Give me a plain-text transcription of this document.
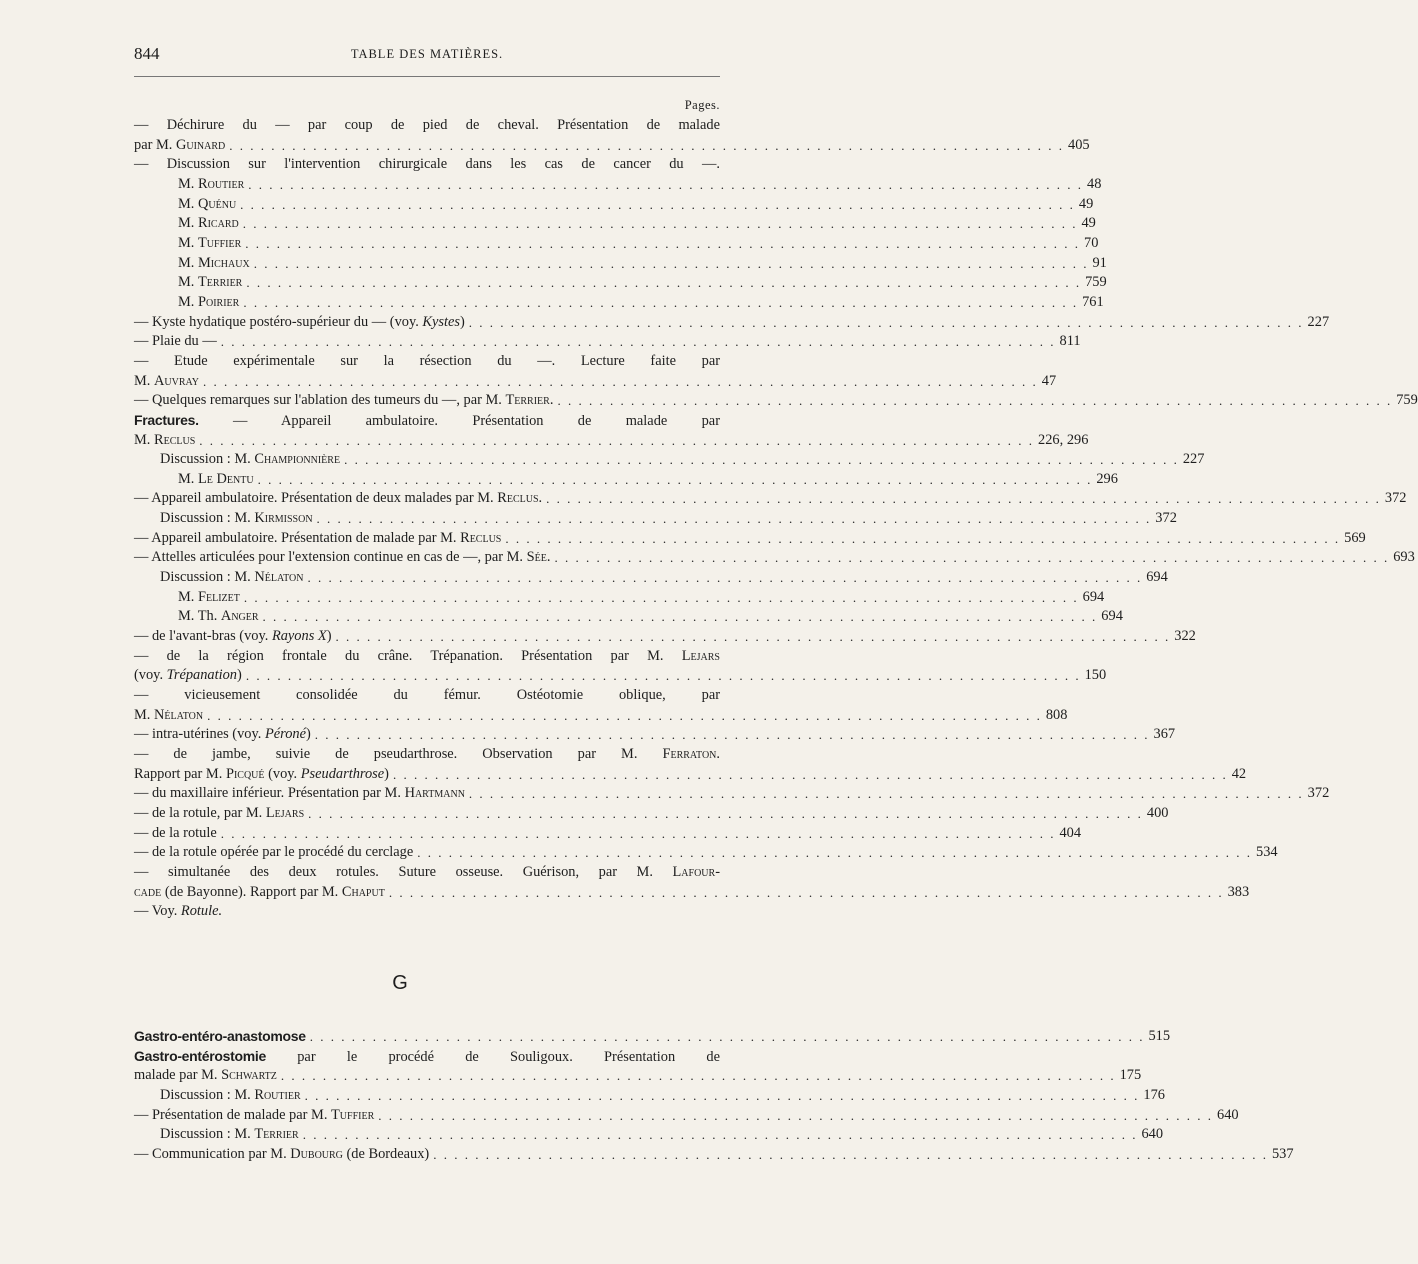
844	TABLE DES MATIÈRES.
Pages.
— Déchirure du — par coup de pied de cheval. Présentation de malade
par M. Guinard . . . . . . . . . . . . . . . . . . . . . . . . . . . . . . . . . . . . . . . . . . . . . . . . . . . . . . . . . . . . . . . . . . . . . . . . . . . . . . . . 405
— Discussion sur l'intervention chirurgicale dans les cas de cancer du —.
M. Routier . . . . . . . . . . . . . . . . . . . . . . . . . . . . . . . . . . . . . . . . . . . . . . . . . . . . . . . . . . . . . . . . . . . . . . . . . . . . . . . . 48
M. Quénu . . . . . . . . . . . . . . . . . . . . . . . . . . . . . . . . . . . . . . . . . . . . . . . . . . . . . . . . . . . . . . . . . . . . . . . . . . . . . . . . 49
M. Ricard . . . . . . . . . . . . . . . . . . . . . . . . . . . . . . . . . . . . . . . . . . . . . . . . . . . . . . . . . . . . . . . . . . . . . . . . . . . . . . . . 49
M. Tuffier . . . . . . . . . . . . . . . . . . . . . . . . . . . . . . . . . . . . . . . . . . . . . . . . . . . . . . . . . . . . . . . . . . . . . . . . . . . . . . . . 70
M. Michaux . . . . . . . . . . . . . . . . . . . . . . . . . . . . . . . . . . . . . . . . . . . . . . . . . . . . . . . . . . . . . . . . . . . . . . . . . . . . . . . . 91
M. Terrier . . . . . . . . . . . . . . . . . . . . . . . . . . . . . . . . . . . . . . . . . . . . . . . . . . . . . . . . . . . . . . . . . . . . . . . . . . . . . . . . 759
M. Poirier . . . . . . . . . . . . . . . . . . . . . . . . . . . . . . . . . . . . . . . . . . . . . . . . . . . . . . . . . . . . . . . . . . . . . . . . . . . . . . . . 761
— Kyste hydatique postéro-supérieur du — (voy. Kystes) . . . . . . . . . . . . . . . . . . . . . . . . . . . . . . . . . . . . . . . . . . . . . . . . . . . . . . . . . . . . . . . . . . . . . . . . . . . . . . . . 227
— Plaie du — . . . . . . . . . . . . . . . . . . . . . . . . . . . . . . . . . . . . . . . . . . . . . . . . . . . . . . . . . . . . . . . . . . . . . . . . . . . . . . . . 811
— Etude expérimentale sur la résection du —. Lecture faite par
M. Auvray . . . . . . . . . . . . . . . . . . . . . . . . . . . . . . . . . . . . . . . . . . . . . . . . . . . . . . . . . . . . . . . . . . . . . . . . . . . . . . . . 47
— Quelques remarques sur l'ablation des tumeurs du —, par M. Terrier. . . . . . . . . . . . . . . . . . . . . . . . . . . . . . . . . . . . . . . . . . . . . . . . . . . . . . . . . . . . . . . . . . . . . . . . . . . . . . . . . 759
Fractures. — Appareil ambulatoire. Présentation de malade par
M. Reclus . . . . . . . . . . . . . . . . . . . . . . . . . . . . . . . . . . . . . . . . . . . . . . . . . . . . . . . . . . . . . . . . . . . . . . . . . . . . . . . . 226, 296
Discussion : M. Championnière . . . . . . . . . . . . . . . . . . . . . . . . . . . . . . . . . . . . . . . . . . . . . . . . . . . . . . . . . . . . . . . . . . . . . . . . . . . . . . . . 227
M. Le Dentu . . . . . . . . . . . . . . . . . . . . . . . . . . . . . . . . . . . . . . . . . . . . . . . . . . . . . . . . . . . . . . . . . . . . . . . . . . . . . . . . 296
— Appareil ambulatoire. Présentation de deux malades par M. Reclus. . . . . . . . . . . . . . . . . . . . . . . . . . . . . . . . . . . . . . . . . . . . . . . . . . . . . . . . . . . . . . . . . . . . . . . . . . . . . . . . . 372
Discussion : M. Kirmisson . . . . . . . . . . . . . . . . . . . . . . . . . . . . . . . . . . . . . . . . . . . . . . . . . . . . . . . . . . . . . . . . . . . . . . . . . . . . . . . . 372
— Appareil ambulatoire. Présentation de malade par M. Reclus . . . . . . . . . . . . . . . . . . . . . . . . . . . . . . . . . . . . . . . . . . . . . . . . . . . . . . . . . . . . . . . . . . . . . . . . . . . . . . . . 569
— Attelles articulées pour l'extension continue en cas de —, par M. Sée. . . . . . . . . . . . . . . . . . . . . . . . . . . . . . . . . . . . . . . . . . . . . . . . . . . . . . . . . . . . . . . . . . . . . . . . . . . . . . . . . 693
Discussion : M. Nélaton . . . . . . . . . . . . . . . . . . . . . . . . . . . . . . . . . . . . . . . . . . . . . . . . . . . . . . . . . . . . . . . . . . . . . . . . . . . . . . . . 694
M. Felizet . . . . . . . . . . . . . . . . . . . . . . . . . . . . . . . . . . . . . . . . . . . . . . . . . . . . . . . . . . . . . . . . . . . . . . . . . . . . . . . . 694
M. Th. Anger . . . . . . . . . . . . . . . . . . . . . . . . . . . . . . . . . . . . . . . . . . . . . . . . . . . . . . . . . . . . . . . . . . . . . . . . . . . . . . . . 694
— de l'avant-bras (voy. Rayons X) . . . . . . . . . . . . . . . . . . . . . . . . . . . . . . . . . . . . . . . . . . . . . . . . . . . . . . . . . . . . . . . . . . . . . . . . . . . . . . . . 322
— de la région frontale du crâne. Trépanation. Présentation par M. Lejars
(voy. Trépanation) . . . . . . . . . . . . . . . . . . . . . . . . . . . . . . . . . . . . . . . . . . . . . . . . . . . . . . . . . . . . . . . . . . . . . . . . . . . . . . . . 150
— vicieusement consolidée du fémur. Ostéotomie oblique, par
M. Nélaton . . . . . . . . . . . . . . . . . . . . . . . . . . . . . . . . . . . . . . . . . . . . . . . . . . . . . . . . . . . . . . . . . . . . . . . . . . . . . . . . 808
— intra-utérines (voy. Péroné) . . . . . . . . . . . . . . . . . . . . . . . . . . . . . . . . . . . . . . . . . . . . . . . . . . . . . . . . . . . . . . . . . . . . . . . . . . . . . . . . 367
— de jambe, suivie de pseudarthrose. Observation par M. Ferraton.
Rapport par M. Picqué (voy. Pseudarthrose) . . . . . . . . . . . . . . . . . . . . . . . . . . . . . . . . . . . . . . . . . . . . . . . . . . . . . . . . . . . . . . . . . . . . . . . . . . . . . . . . 42
— du maxillaire inférieur. Présentation par M. Hartmann . . . . . . . . . . . . . . . . . . . . . . . . . . . . . . . . . . . . . . . . . . . . . . . . . . . . . . . . . . . . . . . . . . . . . . . . . . . . . . . . 372
— de la rotule, par M. Lejars . . . . . . . . . . . . . . . . . . . . . . . . . . . . . . . . . . . . . . . . . . . . . . . . . . . . . . . . . . . . . . . . . . . . . . . . . . . . . . . . 400
— de la rotule . . . . . . . . . . . . . . . . . . . . . . . . . . . . . . . . . . . . . . . . . . . . . . . . . . . . . . . . . . . . . . . . . . . . . . . . . . . . . . . . 404
— de la rotule opérée par le procédé du cerclage . . . . . . . . . . . . . . . . . . . . . . . . . . . . . . . . . . . . . . . . . . . . . . . . . . . . . . . . . . . . . . . . . . . . . . . . . . . . . . . . 534
— simultanée des deux rotules. Suture osseuse. Guérison, par M. Lafour-
cade (de Bayonne). Rapport par M. Chaput . . . . . . . . . . . . . . . . . . . . . . . . . . . . . . . . . . . . . . . . . . . . . . . . . . . . . . . . . . . . . . . . . . . . . . . . . . . . . . . . 383
— Voy. Rotule.
G
Gastro-entéro-anastomose . . . . . . . . . . . . . . . . . . . . . . . . . . . . . . . . . . . . . . . . . . . . . . . . . . . . . . . . . . . . . . . . . . . . . . . . . . . . . . . . 515
Gastro-entérostomie par le procédé de Souligoux. Présentation de
malade par M. Schwartz . . . . . . . . . . . . . . . . . . . . . . . . . . . . . . . . . . . . . . . . . . . . . . . . . . . . . . . . . . . . . . . . . . . . . . . . . . . . . . . . 175
Discussion : M. Routier . . . . . . . . . . . . . . . . . . . . . . . . . . . . . . . . . . . . . . . . . . . . . . . . . . . . . . . . . . . . . . . . . . . . . . . . . . . . . . . . 176
— Présentation de malade par M. Tuffier . . . . . . . . . . . . . . . . . . . . . . . . . . . . . . . . . . . . . . . . . . . . . . . . . . . . . . . . . . . . . . . . . . . . . . . . . . . . . . . . 640
Discussion : M. Terrier . . . . . . . . . . . . . . . . . . . . . . . . . . . . . . . . . . . . . . . . . . . . . . . . . . . . . . . . . . . . . . . . . . . . . . . . . . . . . . . . 640
— Communication par M. Dubourg (de Bordeaux) . . . . . . . . . . . . . . . . . . . . . . . . . . . . . . . . . . . . . . . . . . . . . . . . . . . . . . . . . . . . . . . . . . . . . . . . . . . . . . . . 537
